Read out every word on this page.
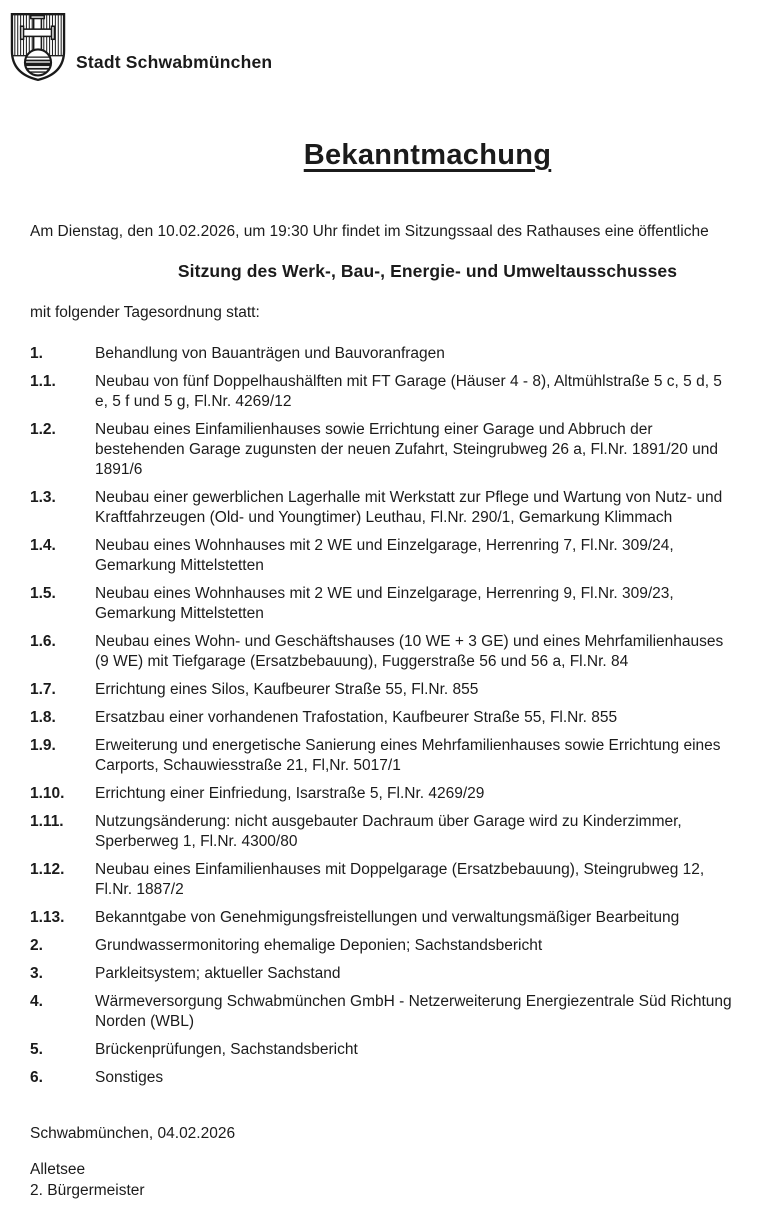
Stadt Schwabmünchen
Bekanntmachung

Am Dienstag, den 10.02.2026, um 19:30 Uhr findet im Sitzungssaal des Rathauses eine öffentliche

Sitzung des Werk-, Bau-, Energie- und Umweltausschusses

mit folgender Tagesordnung statt:

1.	Behandlung von Bauanträgen und Bauvoranfragen
1.1.	Neubau von fünf Doppelhaushälften mit FT Garage (Häuser 4 - 8), Altmühlstraße 5 c, 5 d, 5 e, 5 f und 5 g, Fl.Nr. 4269/12
1.2.	Neubau eines Einfamilienhauses sowie Errichtung einer Garage und Abbruch der bestehenden Garage zugunsten der neuen Zufahrt, Steingrubweg 26 a, Fl.Nr. 1891/20 und 1891/6
1.3.	Neubau einer gewerblichen Lagerhalle mit Werkstatt zur Pflege und Wartung von Nutz- und Kraftfahrzeugen (Old- und Youngtimer) Leuthau, Fl.Nr. 290/1, Gemarkung Klimmach
1.4.	Neubau eines Wohnhauses mit 2 WE und Einzelgarage, Herrenring 7, Fl.Nr. 309/24, Gemarkung Mittelstetten
1.5.	Neubau eines Wohnhauses mit 2 WE und Einzelgarage, Herrenring 9, Fl.Nr. 309/23, Gemarkung Mittelstetten
1.6.	Neubau eines Wohn- und Geschäftshauses (10 WE + 3 GE) und eines Mehrfamilienhauses (9 WE) mit Tiefgarage (Ersatzbebauung), Fuggerstraße 56 und 56 a, Fl.Nr. 84
1.7.	Errichtung eines Silos, Kaufbeurer Straße 55, Fl.Nr. 855
1.8.	Ersatzbau einer vorhandenen Trafostation, Kaufbeurer Straße 55, Fl.Nr. 855
1.9.	Erweiterung und energetische Sanierung eines Mehrfamilienhauses sowie Errichtung eines Carports, Schauwiesstraße 21, Fl,Nr. 5017/1
1.10.	Errichtung einer Einfriedung, Isarstraße 5, Fl.Nr. 4269/29
1.11.	Nutzungsänderung: nicht ausgebauter Dachraum über Garage wird zu Kinderzimmer, Sperberweg 1, Fl.Nr. 4300/80
1.12.	Neubau eines Einfamilienhauses mit Doppelgarage (Ersatzbebauung), Steingrubweg 12, Fl.Nr. 1887/2
1.13.	Bekanntgabe von Genehmigungsfreistellungen und verwaltungsmäßiger Bearbeitung
2.	Grundwassermonitoring ehemalige Deponien; Sachstandsbericht
3.	Parkleitsystem; aktueller Sachstand
4.	Wärmeversorgung Schwabmünchen GmbH - Netzerweiterung Energiezentrale Süd Richtung Norden (WBL)
5.	Brückenprüfungen, Sachstandsbericht
6.	Sonstiges

Schwabmünchen, 04.02.2026

Alletsee
2. Bürgermeister
